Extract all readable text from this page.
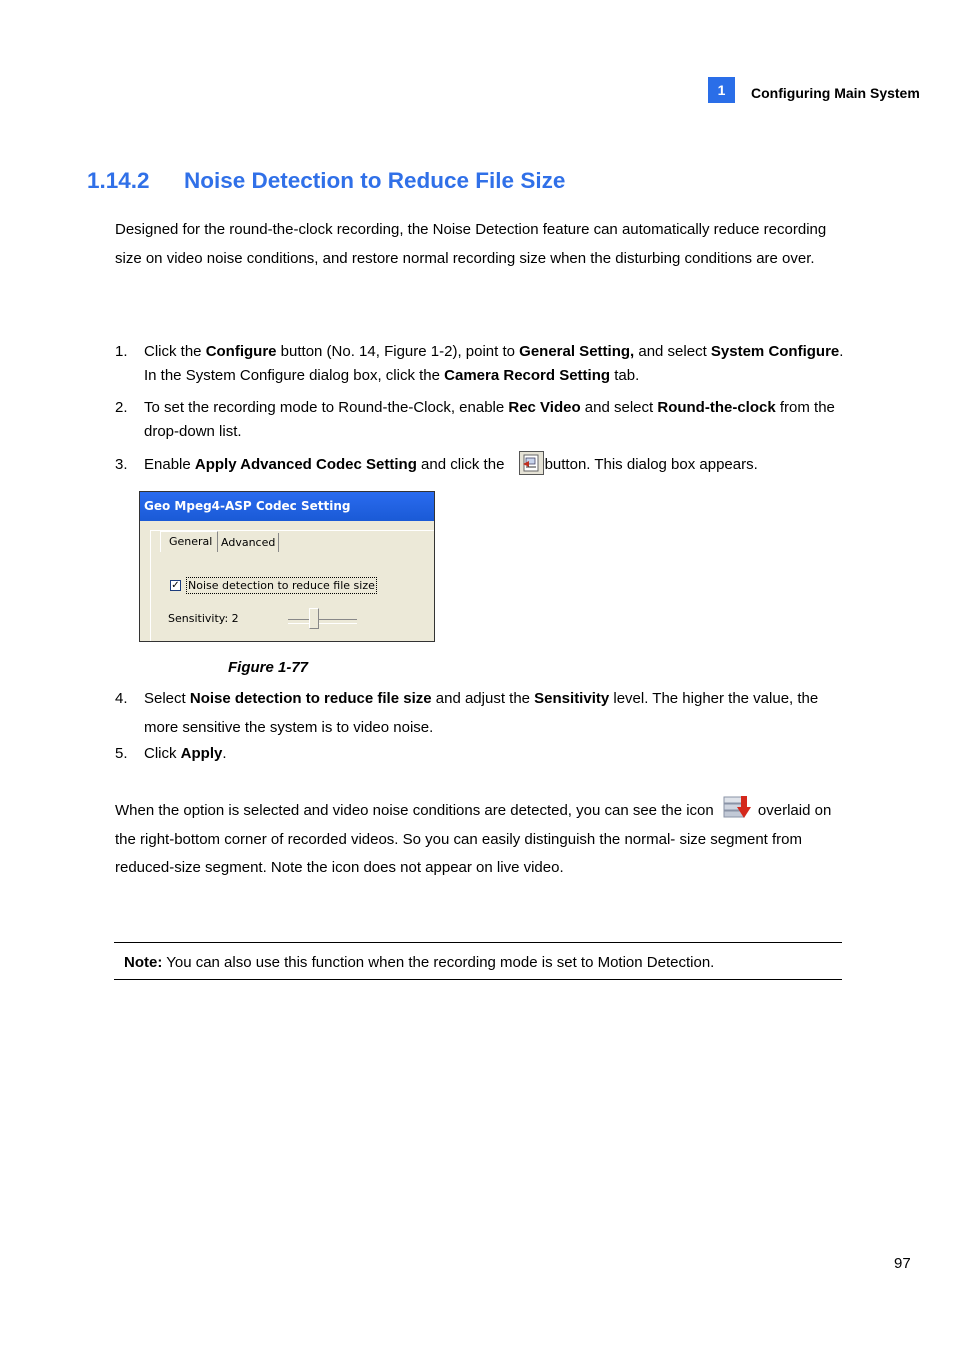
1	Configuring Main System
1.14.2 Noise Detection to Reduce File Size
Designed for the round-the-clock recording, the Noise Detection feature can automatically reduce recording size on video noise conditions, and restore normal recording size when the disturbing conditions are over.
1. Click the Configure button (No. 14, Figure 1-2), point to General Setting, and select System Configure. In the System Configure dialog box, click the Camera Record Setting tab.
2. To set the recording mode to Round-the-Clock, enable Rec Video and select Round-the-clock from the drop-down list.
3. Enable Apply Advanced Codec Setting and click the button. This dialog box appears.
Geo Mpeg4-ASP Codec Setting
General Advanced
✓ Noise detection to reduce file size
Sensitivity: 2
Figure 1-77
4. Select Noise detection to reduce file size and adjust the Sensitivity level. The higher the value, the more sensitive the system is to video noise.
5. Click Apply.
When the option is selected and video noise conditions are detected, you can see the icon	overlaid on the right-bottom corner of recorded videos. So you can easily distinguish the normal- size segment from reduced-size segment. Note the icon does not appear on live video.
Note: You can also use this function when the recording mode is set to Motion Detection.
97
